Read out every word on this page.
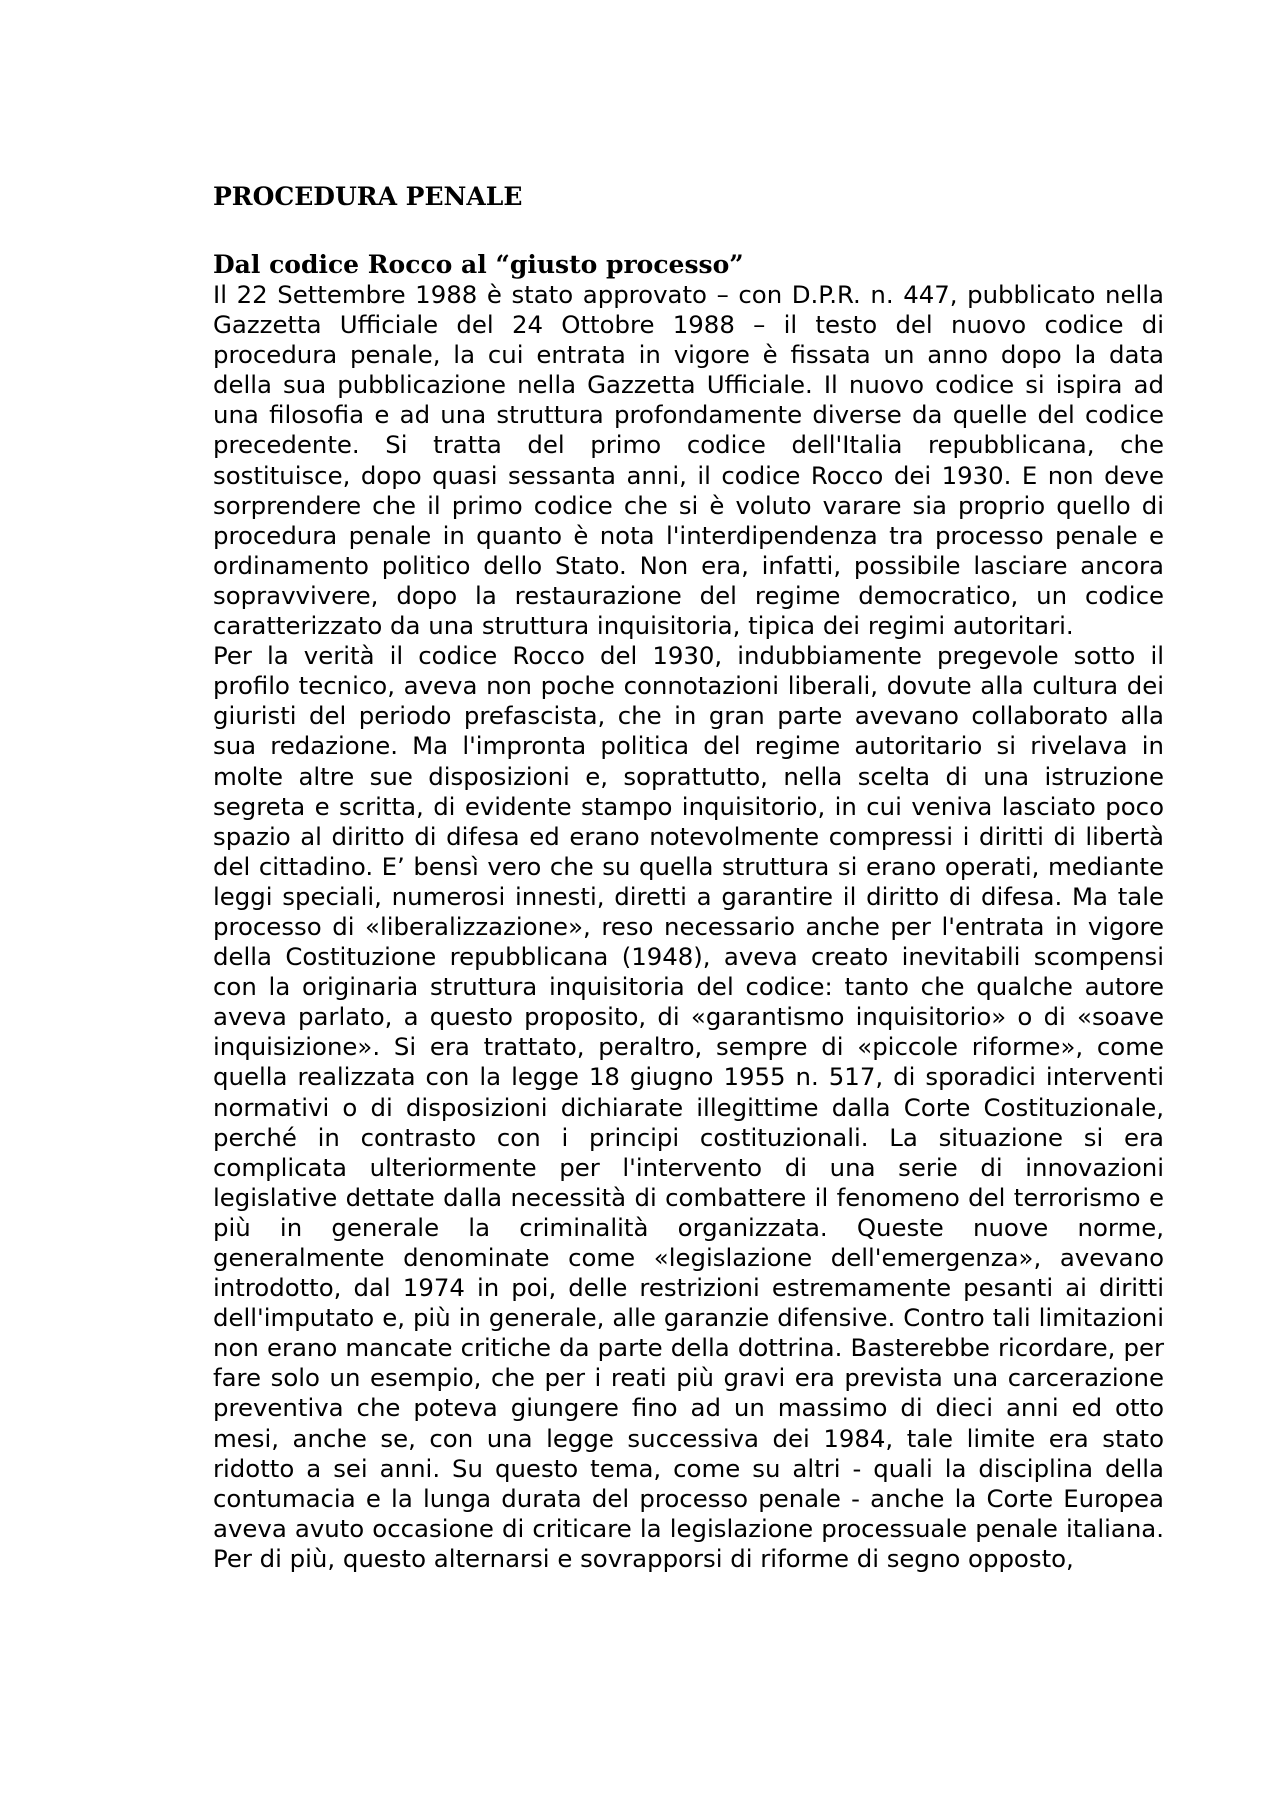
PROCEDURA PENALE
Dal codice Rocco al “giusto processo”

Il 22 Settembre 1988 è stato approvato – con D.P.R. n. 447, pubblicato nella Gazzetta Ufficiale del 24 Ottobre 1988 – il testo del nuovo codice di procedura penale, la cui entrata in vigore è fissata un anno dopo la data della sua pubblicazione nella Gazzetta Ufficiale. Il nuovo codice si ispira ad una filosofia e ad una struttura profondamente diverse da quelle del codice precedente. Si tratta del primo codice dell'Italia repubblicana, che sostituisce, dopo quasi sessanta anni, il codice Rocco dei 1930. E non deve sorprendere che il primo codice che si è voluto varare sia proprio quello di procedura penale in quanto è nota l'interdipendenza tra processo penale e ordinamento politico dello Stato. Non era, infatti, possibile lasciare ancora sopravvivere, dopo la restaurazione del regime democratico, un codice caratterizzato da una struttura inquisitoria, tipica dei regimi autoritari.

Per la verità il codice Rocco del 1930, indubbiamente pregevole sotto il profilo tecnico, aveva non poche connotazioni liberali, dovute alla cultura dei giuristi del periodo prefascista, che in gran parte avevano collaborato alla sua redazione. Ma l'impronta politica del regime autoritario si rivelava in molte altre sue disposizioni e, soprattutto, nella scelta di una istruzione segreta e scritta, di evidente stampo inquisitorio, in cui veniva lasciato poco spazio al diritto di difesa ed erano notevolmente compressi i diritti di libertà del cittadino. E’ bensì vero che su quella struttura si erano operati, mediante leggi speciali, numerosi innesti, diretti a garantire il diritto di difesa. Ma tale processo di «liberalizzazione», reso necessario anche per l'entrata in vigore della Costituzione repubblicana (1948), aveva creato inevitabili scompensi con la originaria struttura inquisitoria del codice: tanto che qualche autore aveva parlato, a questo proposito, di «garantismo inquisitorio» o di «soave inquisizione». Si era trattato, peraltro, sempre di «piccole riforme», come quella realizzata con la legge 18 giugno 1955 n. 517, di sporadici interventi normativi o di disposizioni dichiarate illegittime dalla Corte Costituzionale, perché in contrasto con i principi costituzionali. La situazione si era complicata ulteriormente per l'intervento di una serie di innovazioni legislative dettate dalla necessità di combattere il fenomeno del terrorismo e più in generale la criminalità organizzata. Queste nuove norme, generalmente denominate come «legislazione dell'emergenza», avevano introdotto, dal 1974 in poi, delle restrizioni estremamente pesanti ai diritti dell'imputato e, più in generale, alle garanzie difensive. Contro tali limitazioni non erano mancate critiche da parte della dottrina. Basterebbe ricordare, per fare solo un esempio, che per i reati più gravi era prevista una carcerazione preventiva che poteva giungere fino ad un massimo di dieci anni ed otto mesi, anche se, con una legge successiva dei 1984, tale limite era stato ridotto a sei anni. Su questo tema, come su altri - quali la disciplina della contumacia e la lunga durata del processo penale - anche la Corte Europea aveva avuto occasione di criticare la legislazione processuale penale italiana. Per di più, questo alternarsi e sovrapporsi di riforme di segno opposto,
